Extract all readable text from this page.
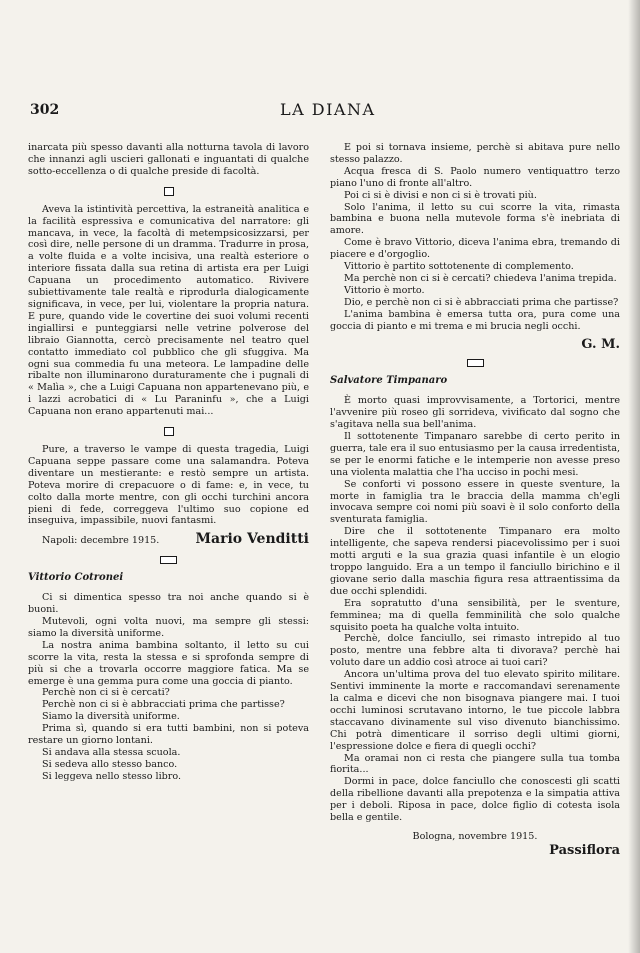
302	LA DIANA

inarcata più spesso davanti alla notturna tavola di lavoro che innanzi agli uscieri gallonati e inguantati di qualche sotto-eccellenza o di qualche preside di facoltà.

Aveva la istintività percettiva, la estraneità analitica e la facilità espressiva e comunicativa del narratore: gli mancava, in vece, la facoltà di metempsicosizzarsi, per così dire, nelle persone di un dramma. Tradurre in prosa, a volte fluida e a volte incisiva, una realtà esteriore o interiore fissata dalla sua retina di artista era per Luigi Capuana un procedimento automatico. Rivivere subiettivamente tale realtà e riprodurla dialogicamente significava, in vece, per lui, violentare la propria natura. E pure, quando vide le covertine dei suoi volumi recenti ingiallirsi e punteggiarsi nelle vetrine polverose del libraio Giannotta, cercò precisamente nel teatro quel contatto immediato col pubblico che gli sfuggiva. Ma ogni sua commedia fu una meteora. Le lampadine delle ribalte non illuminarono duraturamente che i pugnali di « Malìa », che a Luigi Capuana non appartenevano più, e i lazzi acrobatici di « Lu Paraninfu », che a Luigi Capuana non erano appartenuti mai...

Pure, a traverso le vampe di questa tragedia, Luigi Capuana seppe passare come una salamandra. Poteva diventare un mestierante: e restò sempre un artista. Poteva morire di crepacuore o di fame: e, in vece, tu colto dalla morte mentre, con gli occhi turchini ancora pieni di fede, correggeva l'ultimo suo copione ed inseguiva, impassibile, nuovi fantasmi.

Napoli: decembre 1915.	Mario Venditti
Vittorio Cotronei

Ci si dimentica spesso tra noi anche quando si è buoni.

Mutevoli, ogni volta nuovi, ma sempre gli stessi: siamo la diversità uniforme.

La nostra anima bambina soltanto, il letto su cui scorre la vita, resta la stessa e si sprofonda sempre di più si che a trovarla occorre maggiore fatica. Ma se emerge è una gemma pura come una goccia di pianto.

Perchè non ci si è cercati?

Perchè non ci si è abbracciati prima che partisse?

Siamo la diversità uniforme.

Prima sì, quando si era tutti bambini, non si poteva restare un giorno lontani.

Si andava alla stessa scuola.

Si sedeva allo stesso banco.

Si leggeva nello stesso libro.

E poi si tornava insieme, perchè si abitava pure nello stesso palazzo.

Acqua fresca di S. Paolo numero ventiquattro terzo piano l'uno di fronte all'altro.

Poi ci si è divisi e non ci si è trovati più.

Solo l'anima, il letto su cui scorre la vita, rimasta bambina e buona nella mutevole forma s'è inebriata di amore.

Come è bravo Vittorio, diceva l'anima ebra, tremando di piacere e d'orgoglio.

Vittorio è partito sottotenente di complemento.

Ma perchè non ci si è cercati? chiedeva l'anima trepida.

Vittorio è morto.

Dio, e perchè non ci si è abbracciati prima che partisse?

L'anima bambina è emersa tutta ora, pura come una goccia di pianto e mi trema e mi brucia negli occhi.

G. M.
Salvatore Timpanaro

È morto quasi improvvisamente, a Tortorici, mentre l'avvenire più roseo gli sorrideva, vivificato dal sogno che s'agitava nella sua bell'anima.

Il sottotenente Timpanaro sarebbe di certo perito in guerra, tale era il suo entusiasmo per la causa irredentista, se per le enormi fatiche e le intemperie non avesse preso una violenta malattia che l'ha ucciso in pochi mesi.

Se conforti vi possono essere in queste sventure, la morte in famiglia tra le braccia della mamma ch'egli invocava sempre coi nomi più soavi è il solo conforto della sventurata famiglia.

Dire che il sottotenente Timpanaro era molto intelligente, che sapeva rendersi piacevolissimo per i suoi motti arguti e la sua grazia quasi infantile è un elogio troppo languido. Era a un tempo il fanciullo birichino e il giovane serio dalla maschia figura resa attraentissima da due occhi splendidi.

Era sopratutto d'una sensibilità, per le sventure, femminea; ma di quella femminilità che solo qualche squisito poeta ha qualche volta intuito.

Perchè, dolce fanciullo, sei rimasto intrepido al tuo posto, mentre una febbre alta ti divorava? perchè hai voluto dare un addio così atroce ai tuoi cari?

Ancora un'ultima prova del tuo elevato spirito militare. Sentivi imminente la morte e raccomandavi serenamente la calma e dicevi che non bisognava piangere mai. I tuoi occhi luminosi scrutavano intorno, le tue piccole labbra staccavano divinamente sul viso divenuto bianchissimo. Chi potrà dimenticare il sorriso degli ultimi giorni, l'espressione dolce e fiera di quegli occhi?

Ma oramai non ci resta che piangere sulla tua tomba fiorita...

Dormi in pace, dolce fanciullo che conoscesti gli scatti della ribellione davanti alla prepotenza e la simpatia attiva per i deboli. Riposa in pace, dolce figlio di cotesta isola bella e gentile.

Bologna, novembre 1915.
Passiflora
